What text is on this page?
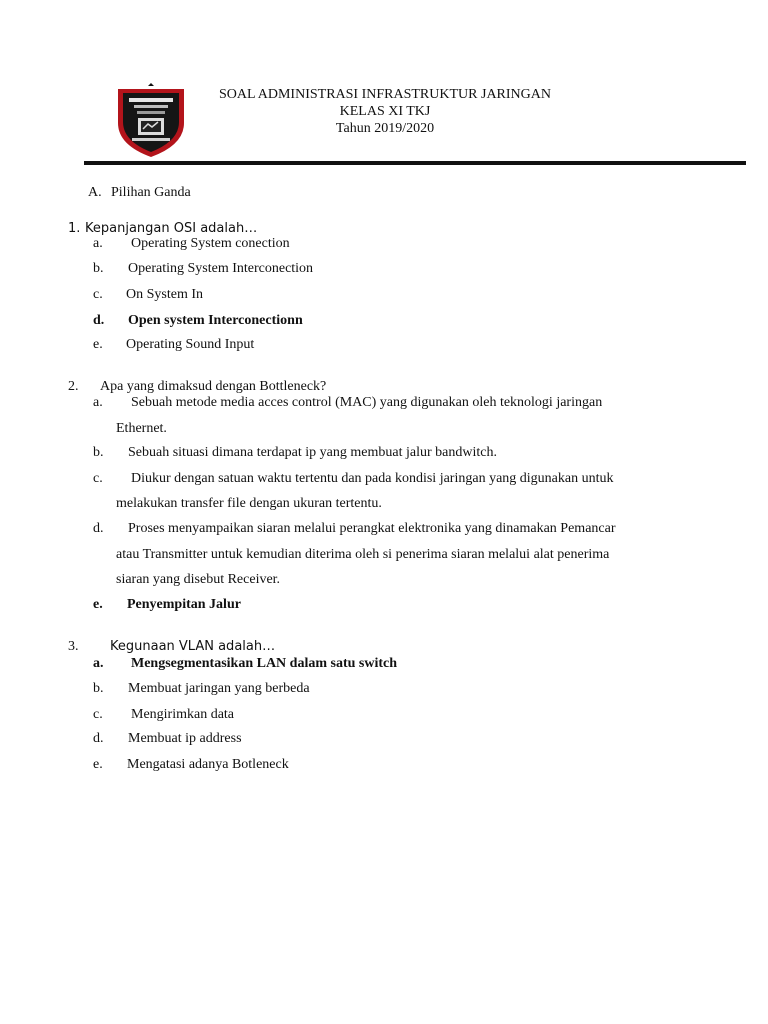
SOAL ADMINISTRASI INFRASTRUKTUR JARINGAN
KELAS XI TKJ
Tahun 2019/2020
A. Pilihan Ganda
1. Kepanjangan OSI adalah…
a. Operating System conection
b. Operating System Interconection
c. On System In
d. Open system Interconectionn
e. Operating Sound Input
2. Apa yang dimaksud dengan Bottleneck?
a. Sebuah metode media acces control (MAC) yang digunakan oleh teknologi jaringan
Ethernet.
b. Sebuah situasi dimana terdapat ip yang membuat jalur bandwitch.
c. Diukur dengan satuan waktu tertentu dan pada kondisi jaringan yang digunakan untuk
melakukan transfer file dengan ukuran tertentu.
d. Proses menyampaikan siaran melalui perangkat elektronika yang dinamakan Pemancar
atau Transmitter untuk kemudian diterima oleh si penerima siaran melalui alat penerima
siaran yang disebut Receiver.
e. Penyempitan Jalur
3. Kegunaan VLAN adalah…
a. Mengsegmentasikan LAN dalam satu switch
b. Membuat jaringan yang berbeda
c. Mengirimkan data
d. Membuat ip address
e. Mengatasi adanya Botleneck
